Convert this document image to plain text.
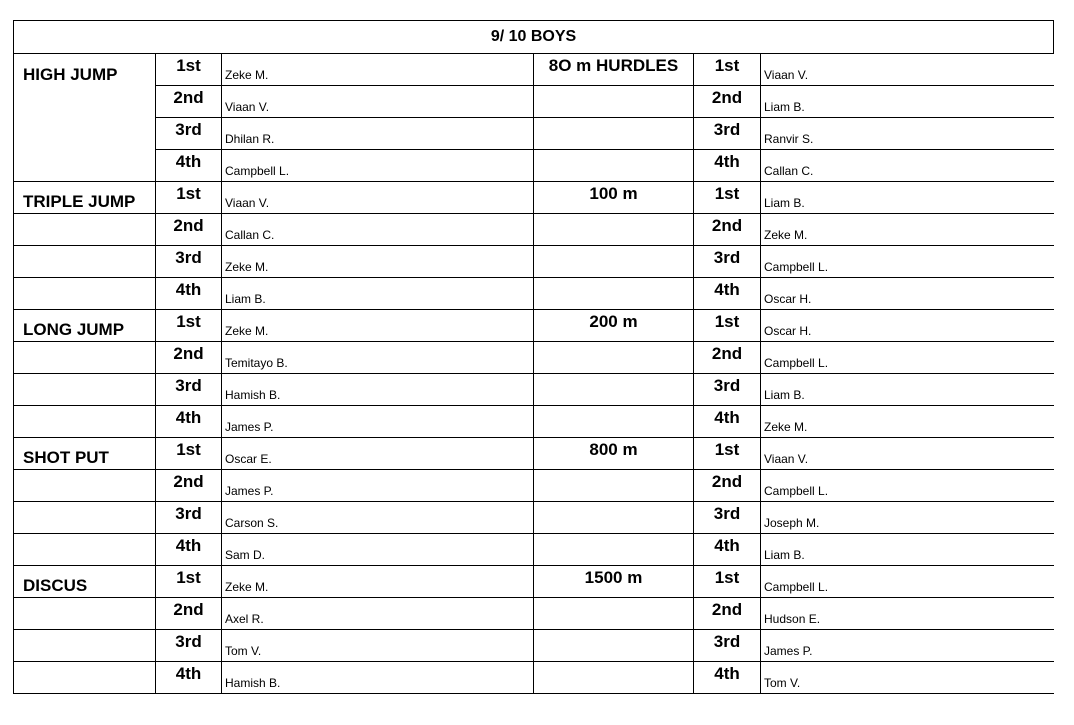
9/ 10 BOYS					
HIGH JUMP	1st	Zeke M.	8O m HURDLES	1st	Viaan V.
	2nd	Viaan V.		2nd	Liam B.
	3rd	Dhilan R.		3rd	Ranvir S.
	4th	Campbell L.		4th	Callan C.
TRIPLE JUMP	1st	Viaan V.	100 m	1st	Liam B.
	2nd	Callan C.		2nd	Zeke M.
	3rd	Zeke M.		3rd	Campbell L.
	4th	Liam B.		4th	Oscar H.
LONG JUMP	1st	Zeke M.	200 m	1st	Oscar H.
	2nd	Temitayo B.		2nd	Campbell L.
	3rd	Hamish B.		3rd	Liam B.
	4th	James P.		4th	Zeke M.
SHOT PUT	1st	Oscar E.	800 m	1st	Viaan V.
	2nd	James P.		2nd	Campbell L.
	3rd	Carson S.		3rd	Joseph M.
	4th	Sam D.		4th	Liam B.
DISCUS	1st	Zeke M.	1500 m	1st	Campbell L.
	2nd	Axel R.		2nd	Hudson E.
	3rd	Tom V.		3rd	James P.
	4th	Hamish B.		4th	Tom V.
